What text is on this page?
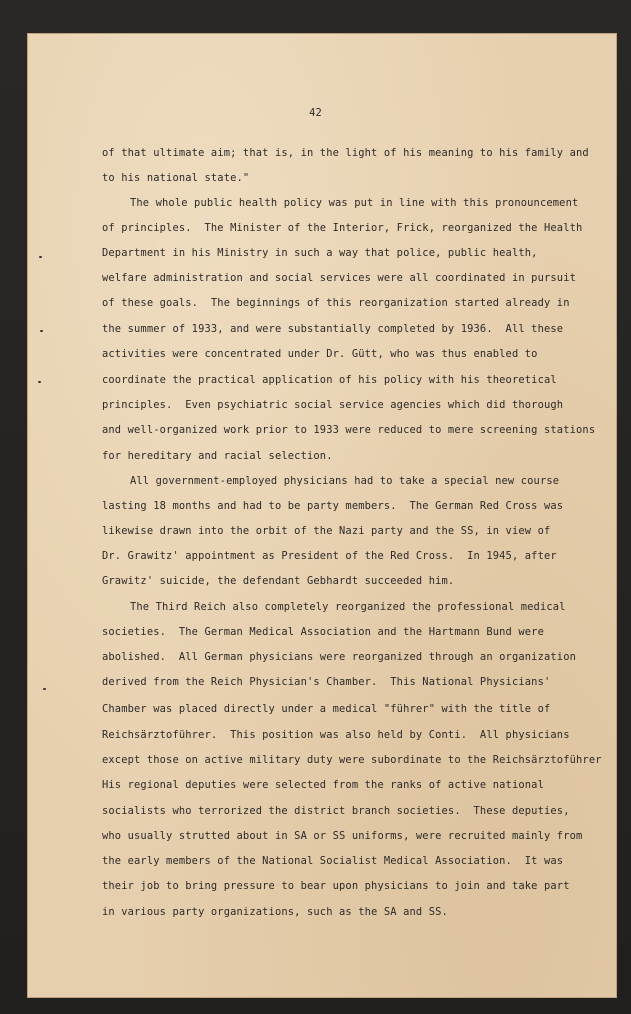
42
of that ultimate aim; that is, in the light of his meaning to his family and
to his national state."
The whole public health policy was put in line with this pronouncement
of principles.  The Minister of the Interior, Frick, reorganized the Health
Department in his Ministry in such a way that police, public health,
welfare administration and social services were all coordinated in pursuit
of these goals.  The beginnings of this reorganization started already in
the summer of 1933, and were substantially completed by 1936.  All these
activities were concentrated under Dr. Gütt, who was thus enabled to
coordinate the practical application of his policy with his theoretical
principles.  Even psychiatric social service agencies which did thorough
and well-organized work prior to 1933 were reduced to mere screening stations
for hereditary and racial selection.
All government-employed physicians had to take a special new course
lasting 18 months and had to be party members.  The German Red Cross was
likewise drawn into the orbit of the Nazi party and the SS, in view of
Dr. Grawitz' appointment as President of the Red Cross.  In 1945, after
Grawitz' suicide, the defendant Gebhardt succeeded him.
The Third Reich also completely reorganized the professional medical
societies.  The German Medical Association and the Hartmann Bund were
abolished.  All German physicians were reorganized through an organization
derived from the Reich Physician's Chamber.  This National Physicians'
Chamber was placed directly under a medical "führer" with the title of
Reichsärztoführer.  This position was also held by Conti.  All physicians
except those on active military duty were subordinate to the Reichsärztoführer
His regional deputies were selected from the ranks of active national
socialists who terrorized the district branch societies.  These deputies,
who usually strutted about in SA or SS uniforms, were recruited mainly from
the early members of the National Socialist Medical Association.  It was
their job to bring pressure to bear upon physicians to join and take part
in various party organizations, such as the SA and SS.
